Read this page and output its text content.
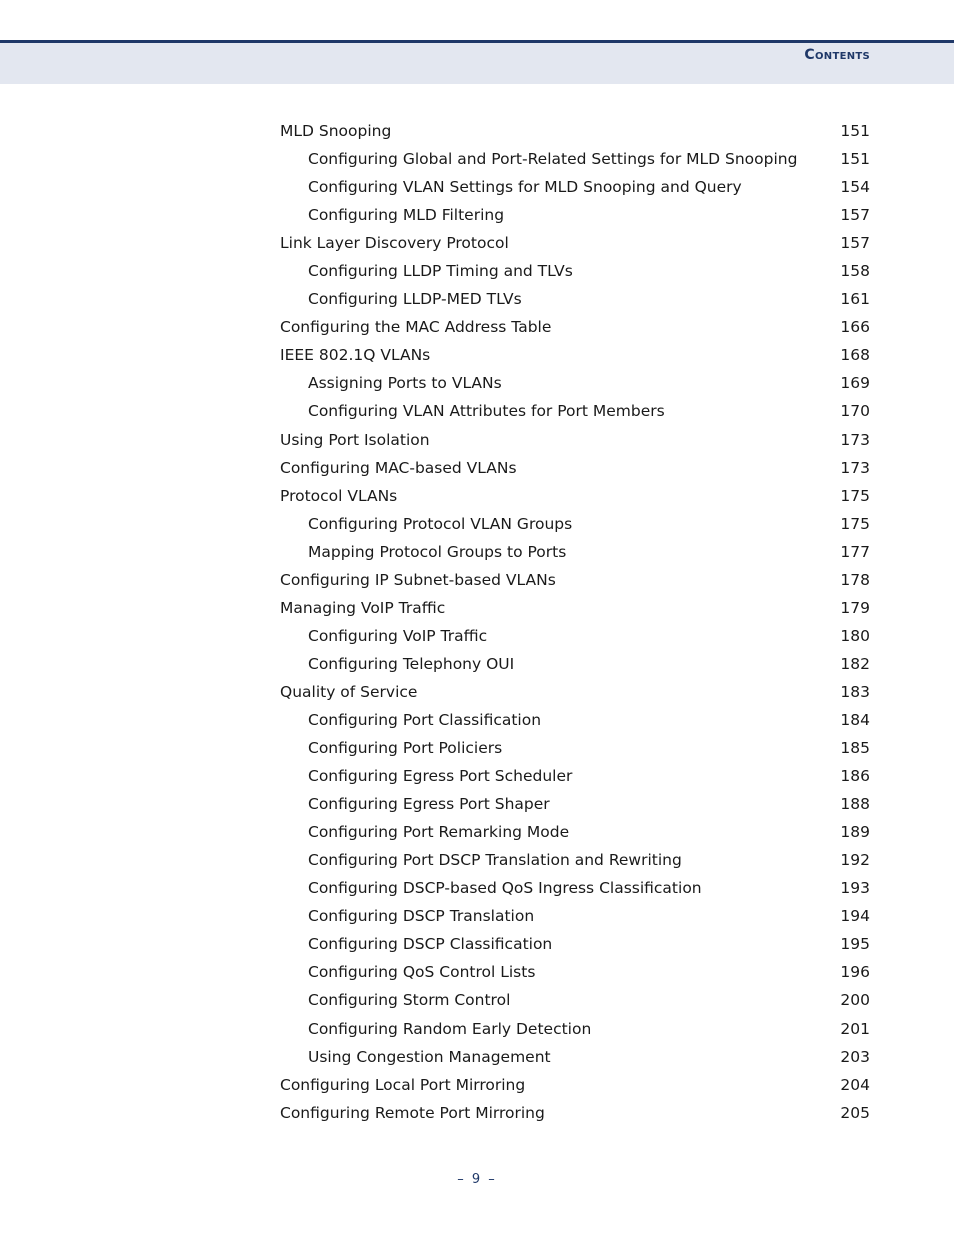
Contents
MLD Snooping	151
Configuring Global and Port-Related Settings for MLD Snooping	151
Configuring VLAN Settings for MLD Snooping and Query	154
Configuring MLD Filtering	157
Link Layer Discovery Protocol	157
Configuring LLDP Timing and TLVs	158
Configuring LLDP-MED TLVs	161
Configuring the MAC Address Table	166
IEEE 802.1Q VLANs	168
Assigning Ports to VLANs	169
Configuring VLAN Attributes for Port Members	170
Using Port Isolation	173
Configuring MAC-based VLANs	173
Protocol VLANs	175
Configuring Protocol VLAN Groups	175
Mapping Protocol Groups to Ports	177
Configuring IP Subnet-based VLANs	178
Managing VoIP Traffic	179
Configuring VoIP Traffic	180
Configuring Telephony OUI	182
Quality of Service	183
Configuring Port Classification	184
Configuring Port Policiers	185
Configuring Egress Port Scheduler	186
Configuring Egress Port Shaper	188
Configuring Port Remarking Mode	189
Configuring Port DSCP Translation and Rewriting	192
Configuring DSCP-based QoS Ingress Classification	193
Configuring DSCP Translation	194
Configuring DSCP Classification	195
Configuring QoS Control Lists	196
Configuring Storm Control	200
Configuring Random Early Detection	201
Using Congestion Management	203
Configuring Local Port Mirroring	204
Configuring Remote Port Mirroring	205
– 9 –
